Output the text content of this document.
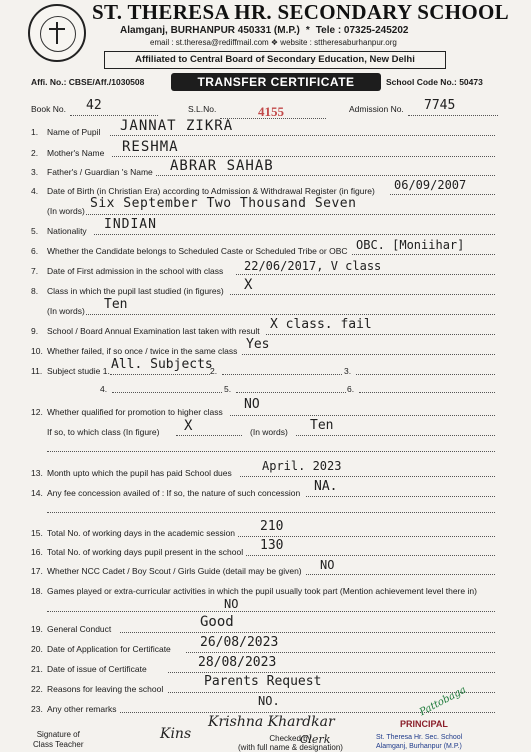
ST. THERESA HR. SECONDARY SCHOOL
Alamganj, BURHANPUR 450331 (M.P.) * Tele : 07325-245202
email : st.theresa@rediffmail.com ❖ website : sttheresaburhanpur.org
Affiliated to Central Board of Secondary Education, New Delhi
Affi. No.: CBSE/Aff./1030508	TRANSFER CERTIFICATE	School Code No.: 50473
Book No. 42	S.L.No.	4155	Admission No. 7745
1. Name of Pupil JANNAT ZIKRA
2. Mother's Name RESHMA
3. Father's / Guardian 's Name ABRAR SAHAB
4. Date of Birth (in Christian Era) according to Admission & Withdrawal Register (in figure) 06/09/2007
(In words) Six September Two Thousand Seven
5. Nationality INDIAN
6. Whether the Candidate belongs to Scheduled Caste or Scheduled Tribe or OBC OBC. [Moniihar]
7. Date of First admission in the school with class 22/06/2017, V class
8. Class in which the pupil last studied (in figures) X
(In words) Ten
9. School / Board Annual Examination last taken with result X class. fail
10. Whether failed, if so once / twice in the same class Yes
11. Subject studie 1. All. Subjects
2.	3.
4.	5.	6.
12. Whether qualified for promotion to higher class NO
If so, to which class (In figure) X	(In words) Ten
13. Month upto which the pupil has paid School dues	April. 2023
14. Any fee concession availed of : If so, the nature of such concession NA.
15. Total No. of working days in the academic session 210
16. Total No. of working days pupil present in the school 130
17. Whether NCC Cadet / Boy Scout / Girls Guide (detail may be given) NO
18. Games played or extra-curricular activities in which the pupil usually took part (Mention achievement level there in)
NO
19. General Conduct	Good
20. Date of Application for Certificate 26/08/2023
21. Date of issue of Certificate	28/08/2023
22. Reasons for leaving the school	Parents Request
23. Any other remarks
NO.
Kins
Krishna Khardkar
Clerk
Signature of
Class Teacher
Checked by
(with full name & designation)
Pattobaga
PRINCIPAL
St. Theresa Hr. Sec. School
Alamganj, Burhanpur (M.P.)
